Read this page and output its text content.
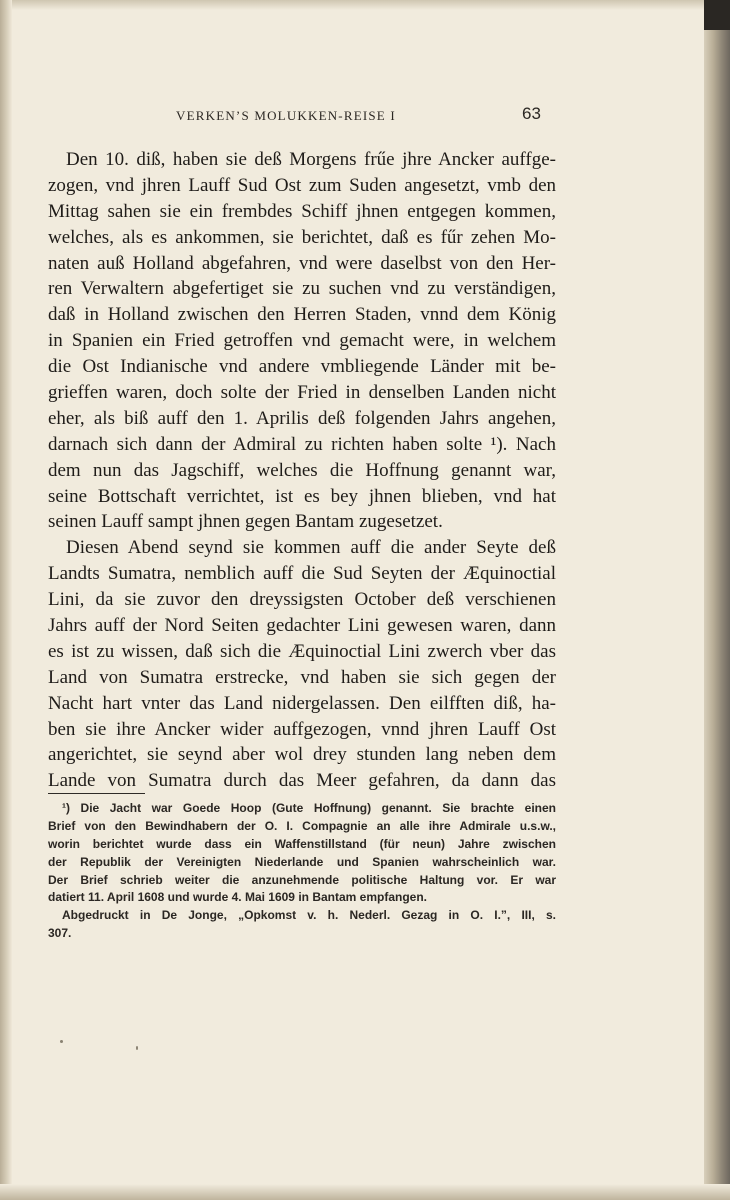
VERKEN’S MOLUKKEN-REISE I	63
Den 10. diß, haben sie deß Morgens frűe jhre Ancker auffge-
zogen, vnd jhren Lauff Sud Ost zum Suden angesetzt, vmb den
Mittag sahen sie ein frembdes Schiff jhnen entgegen kommen,
welches, als es ankommen, sie berichtet, daß es fűr zehen Mo-
naten auß Holland abgefahren, vnd were daselbst von den Her-
ren Verwaltern abgefertiget sie zu suchen vnd zu verständigen,
daß in Holland zwischen den Herren Staden, vnnd dem König
in Spanien ein Fried getroffen vnd gemacht were, in welchem
die Ost Indianische vnd andere vmbliegende Länder mit be-
grieffen waren, doch solte der Fried in denselben Landen nicht
eher, als biß auff den 1. Aprilis deß folgenden Jahrs angehen,
darnach sich dann der Admiral zu richten haben solte ¹). Nach
dem nun das Jagschiff, welches die Hoffnung genannt war,
seine Bottschaft verrichtet, ist es bey jhnen blieben, vnd hat
seinen Lauff sampt jhnen gegen Bantam zugesetzet.
Diesen Abend seynd sie kommen auff die ander Seyte deß
Landts Sumatra, nemblich auff die Sud Seyten der Æquinoctial
Lini, da sie zuvor den dreyssigsten October deß verschienen
Jahrs auff der Nord Seiten gedachter Lini gewesen waren, dann
es ist zu wissen, daß sich die Æquinoctial Lini zwerch vber das
Land von Sumatra erstrecke, vnd haben sie sich gegen der
Nacht hart vnter das Land nidergelassen. Den eilfften diß, ha-
ben sie ihre Ancker wider auffgezogen, vnnd jhren Lauff Ost
angerichtet, sie seynd aber wol drey stunden lang neben dem
Lande von Sumatra durch das Meer gefahren, da dann das
¹) Die Jacht war Goede Hoop (Gute Hoffnung) genannt. Sie brachte einen
Brief von den Bewindhabern der O. I. Compagnie an alle ihre Admirale u.s.w.,
worin berichtet wurde dass ein Waffenstillstand (für neun) Jahre zwischen
der Republik der Vereinigten Niederlande und Spanien wahrscheinlich war.
Der Brief schrieb weiter die anzunehmende politische Haltung vor. Er war
datiert 11. April 1608 und wurde 4. Mai 1609 in Bantam empfangen.
Abgedruckt in De Jonge, „Opkomst v. h. Nederl. Gezag in O. I.”, III, s.
307.
